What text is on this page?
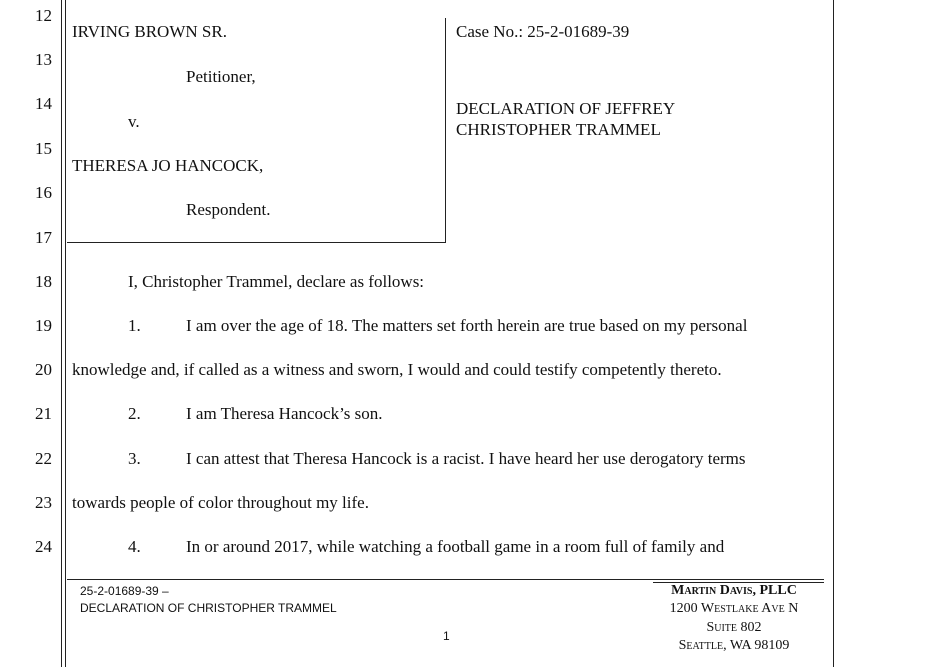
12
13
14
15
16
17
18
19
20
21
22
23
24
IRVING BROWN SR.
Petitioner,
v.
THERESA JO HANCOCK,
Respondent.
Case No.: 25-2-01689-39
DECLARATION OF JEFFREY
CHRISTOPHER TRAMMEL
I, Christopher Trammel, declare as follows:
1.	I am over the age of 18. The matters set forth herein are true based on my personal
knowledge and, if called as a witness and sworn, I would and could testify competently thereto.
2.	I am Theresa Hancock’s son.
3.	I can attest that Theresa Hancock is a racist. I have heard her use derogatory terms
towards people of color throughout my life.
4.	In or around 2017, while watching a football game in a room full of family and
25-2-01689-39 –
DECLARATION OF CHRISTOPHER TRAMMEL
1
Martin Davis, PLLC
1200 Westlake Ave N
Suite 802
Seattle, WA 98109
